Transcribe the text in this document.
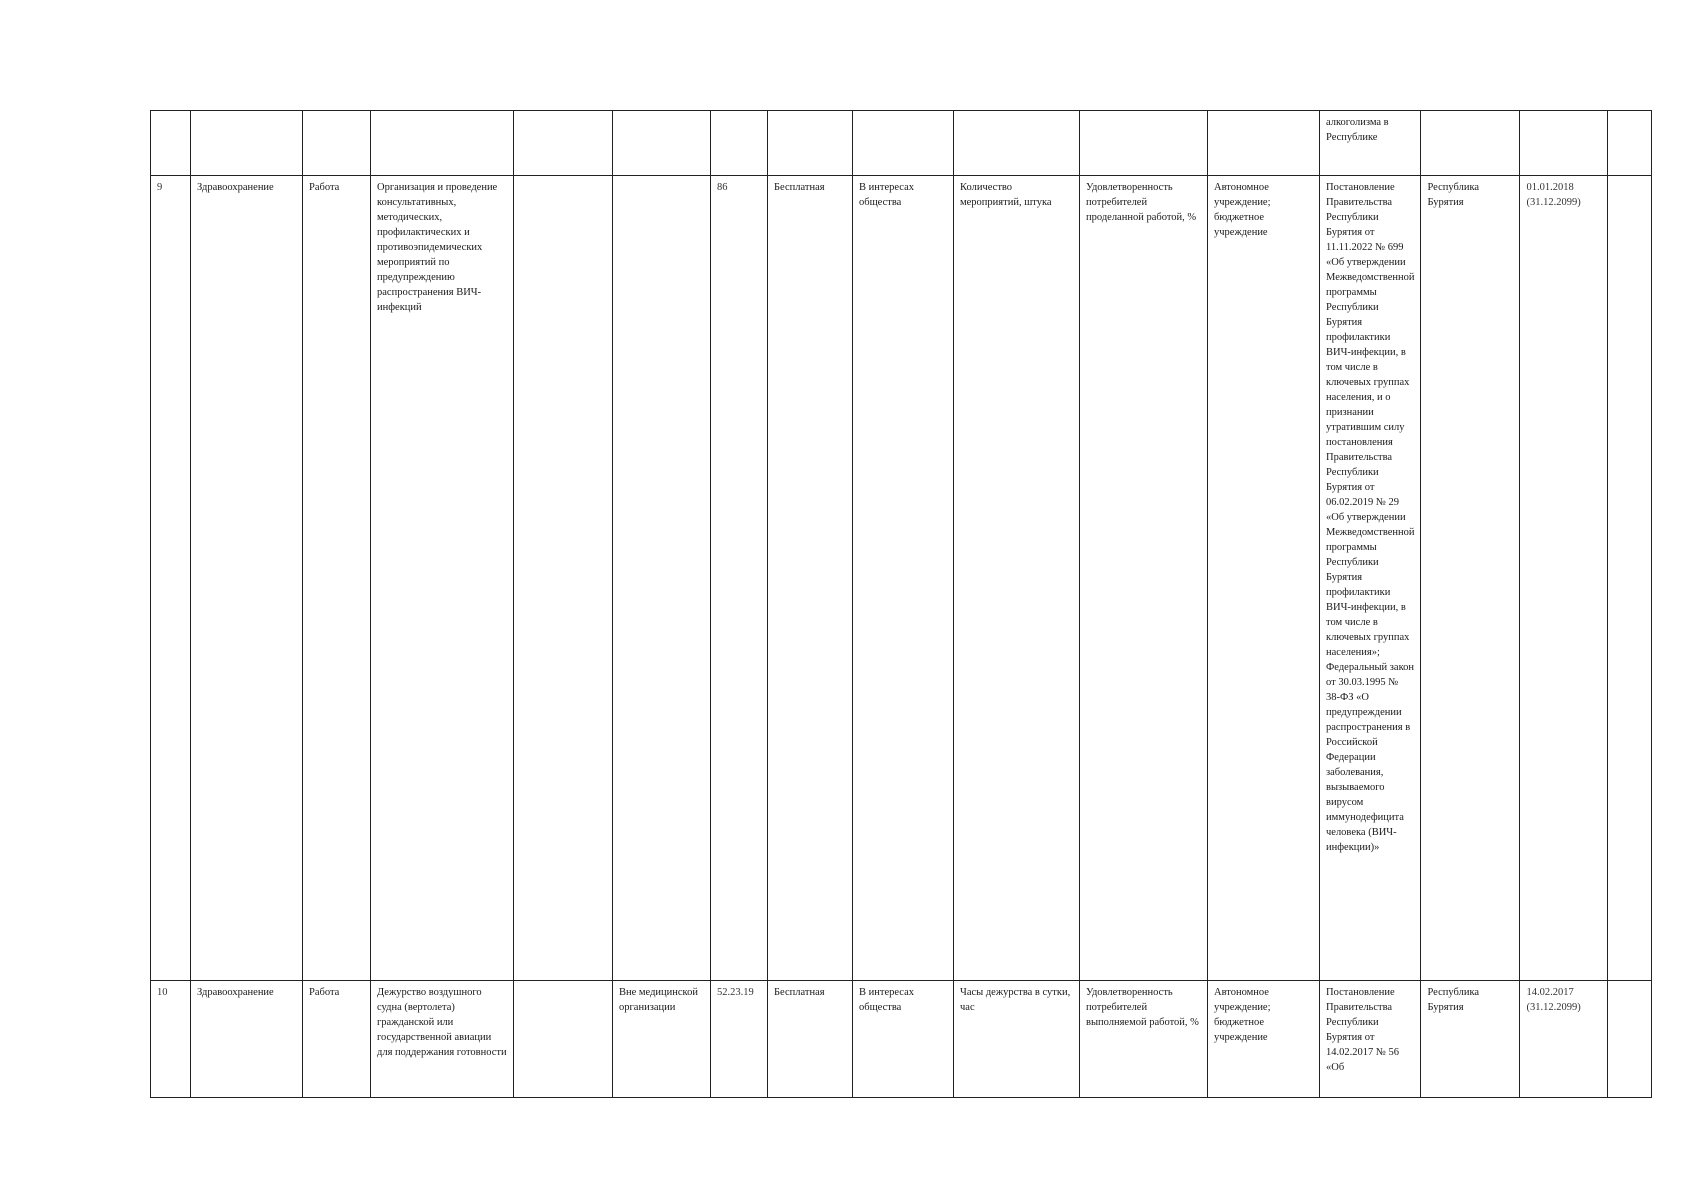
												алкоголизма в Республике			
9	Здравоохранение	Работа	Организация и проведение консультативных, методических, профилактических и противоэпидемических мероприятий по предупреждению распространения ВИЧ-инфекций			86	Бесплатная	В интересах общества	Количество мероприятий, штука	Удовлетворенность потребителей проделанной работой, %	Автономное учреждение; бюджетное учреждение	Постановление Правительства Республики Бурятия от 11.11.2022 № 699 «Об утверждении Межведомственной программы Республики Бурятия профилактики ВИЧ-инфекции, в том числе в ключевых группах населения, и о признании утратившим силу постановления Правительства Республики Бурятия от 06.02.2019 № 29 «Об утверждении Межведомственной программы Республики Бурятия профилактики ВИЧ-инфекции, в том числе в ключевых группах населения»; Федеральный закон от 30.03.1995 № 38-ФЗ «О предупреждении распространения в Российской Федерации заболевания, вызываемого вирусом иммунодефицита человека (ВИЧ-инфекции)»	Республика Бурятия	01.01.2018 (31.12.2099)	
10	Здравоохранение	Работа	Дежурство воздушного судна (вертолета) гражданской или государственной авиации для поддержания готовности		Вне медицинской организации	52.23.19	Бесплатная	В интересах общества	Часы дежурства в сутки, час	Удовлетворенность потребителей выполняемой работой, %	Автономное учреждение; бюджетное учреждение	Постановление Правительства Республики Бурятия от 14.02.2017 № 56 «Об	Республика Бурятия	14.02.2017 (31.12.2099)	
